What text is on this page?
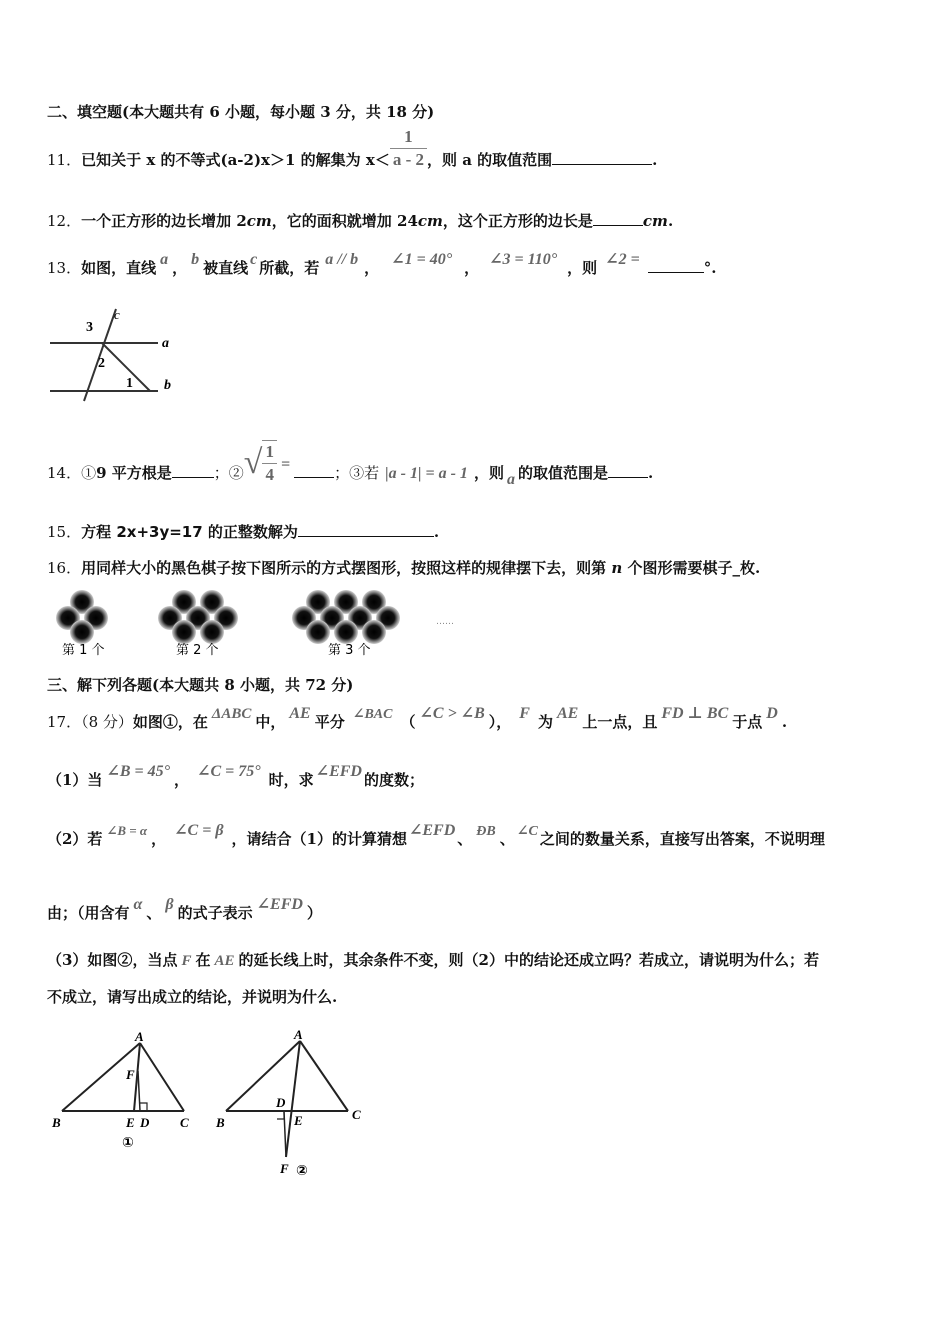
二、填空题(本大题共有 6 小题，每小题 3 分，共 18 分)
11．已知关于 x 的不等式(a-2)x＞1 的解集为 $x< \frac{1}{a - 2}$ ，则 a 的取值范围	.
12．一个正方形的边长增加 2cm，它的面积就增加 24cm，这个正方形的边长是	cm.
13．如图，直线 a ， b 被直线 c 所截，若 a // b ， ∠1 = 40° ， ∠3 = 110° ，则 ∠2 =	°.
3
c
a
2
1 b
14．①9 平方根是	；②√ $\frac{1}{4}$ =	；③若 |a - 1| = a - 1 ，则 a 的取值范围是	.
15．方程 2x+3y=17 的正整数解为	.
16．用同样大小的黑色棋子按下图所示的方式摆图形，按照这样的规律摆下去，则第 n 个图形需要棋子_枚.
……
第 1 个	第 2 个	第 3 个
三、解下列各题(本大题共 8 小题，共 72 分)
17．（8 分）如图①，在 ΔABC 中， AE 平分 ∠BAC （ ∠C > ∠B ）， F 为 AE 上一点，且 FD ⊥ BC 于点 D .
（1）当 ∠B = 45° ， ∠C = 75° 时，求 ∠EFD 的度数；
（2）若 ∠B = α ， ∠C = β ，请结合（1）的计算猜想 ∠EFD 、 ÐB 、 ∠C 之间的数量关系，直接写出答案，不说明理
由；（用含有 α 、 β 的式子表示 ∠EFD ）
（3）如图②，当点 F 在 AE 的延长线上时，其余条件不变，则（2）中的结论还成立吗？若成立，请说明为什么；若
不成立，请写出成立的结论，并说明为什么.
A
F
B	E D C
①
A
D
E
B
C
F ②
